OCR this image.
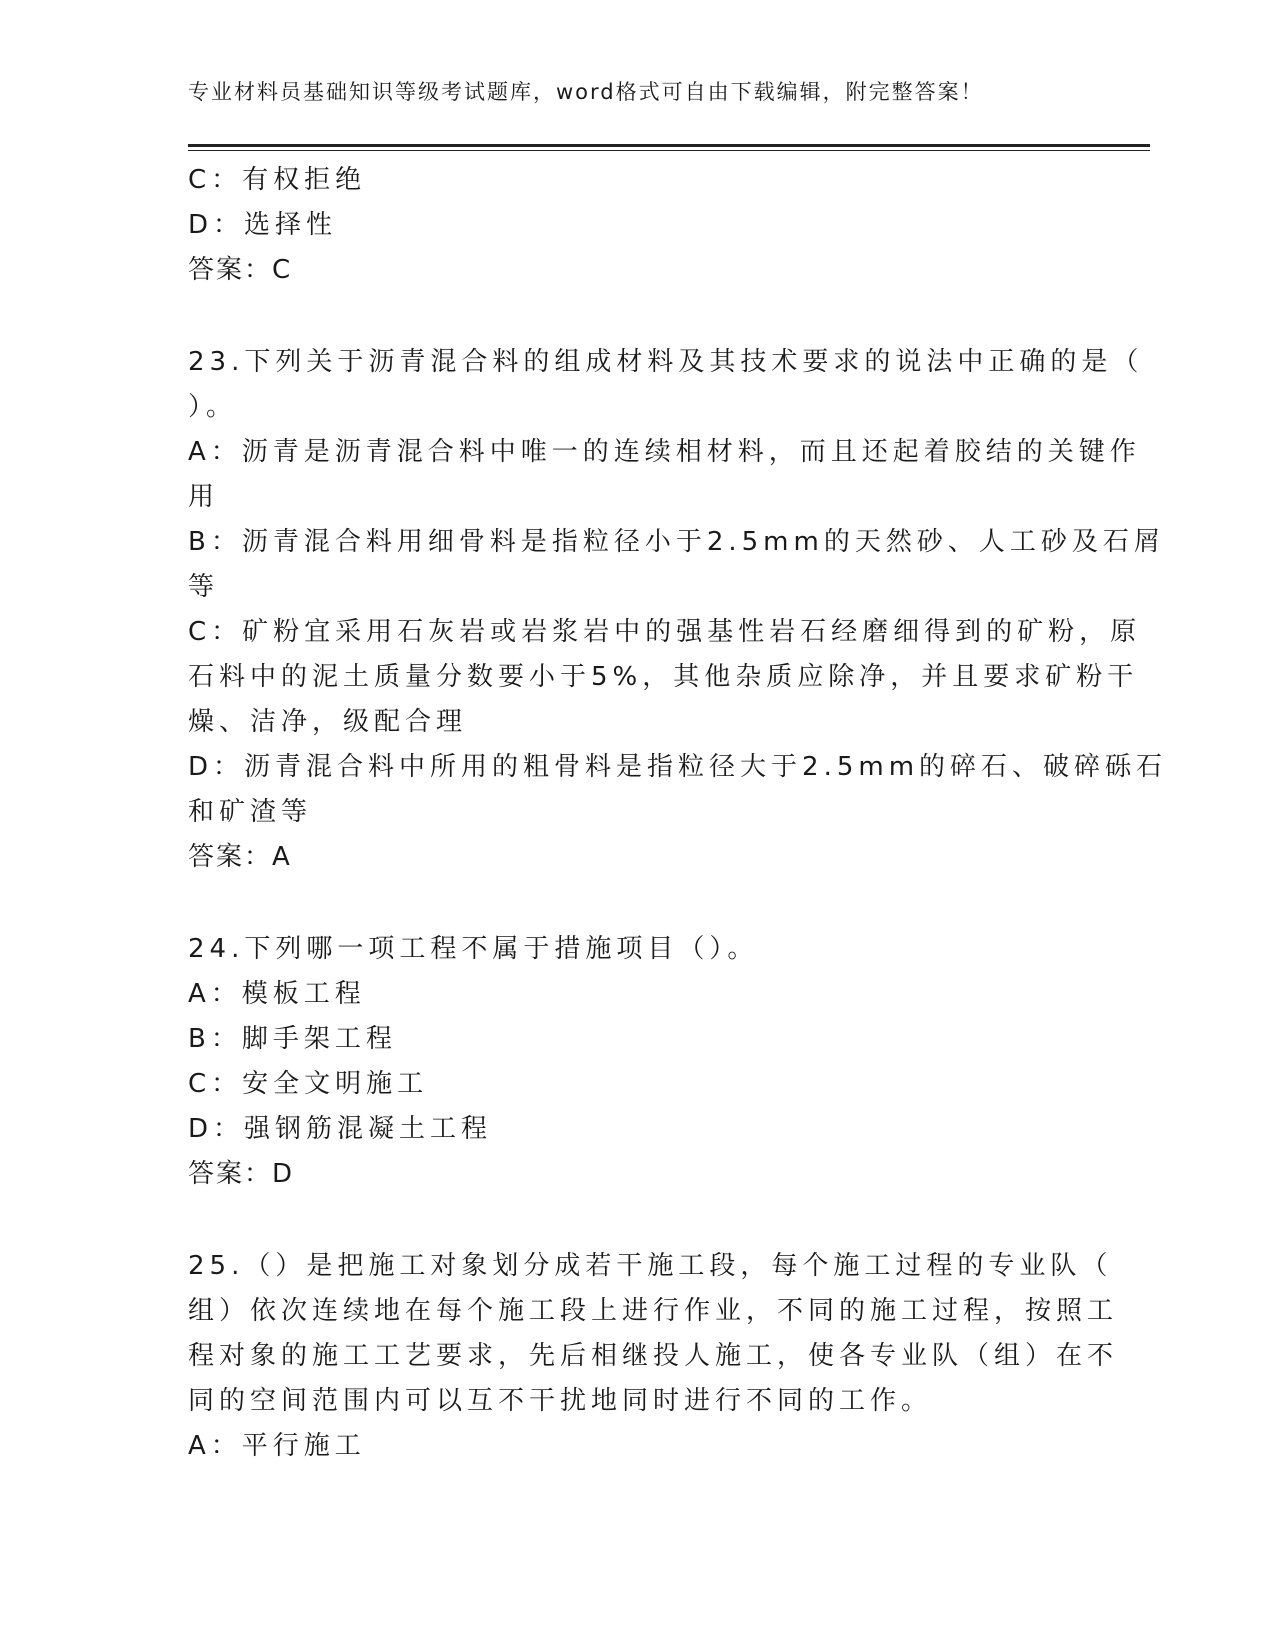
专业材料员基础知识等级考试题库，word格式可自由下载编辑，附完整答案！
C：有权拒绝
D：选择性
答案：C
23.下列关于沥青混合料的组成材料及其技术要求的说法中正确的是（
）。
A：沥青是沥青混合料中唯一的连续相材料，而且还起着胶结的关键作
用
B：沥青混合料用细骨料是指粒径小于2.5mm的天然砂、人工砂及石屑
等
C：矿粉宜采用石灰岩或岩浆岩中的强基性岩石经磨细得到的矿粉，原
石料中的泥土质量分数要小于5%，其他杂质应除净，并且要求矿粉干
燥、洁净，级配合理
D：沥青混合料中所用的粗骨料是指粒径大于2.5mm的碎石、破碎砾石
和矿渣等
答案：A
24.下列哪一项工程不属于措施项目（）。
A：模板工程
B：脚手架工程
C：安全文明施工
D：强钢筋混凝土工程
答案：D
25.（）是把施工对象划分成若干施工段，每个施工过程的专业队（
组）依次连续地在每个施工段上进行作业，不同的施工过程，按照工
程对象的施工工艺要求，先后相继投人施工，使各专业队（组）在不
同的空间范围内可以互不干扰地同时进行不同的工作。
A：平行施工
